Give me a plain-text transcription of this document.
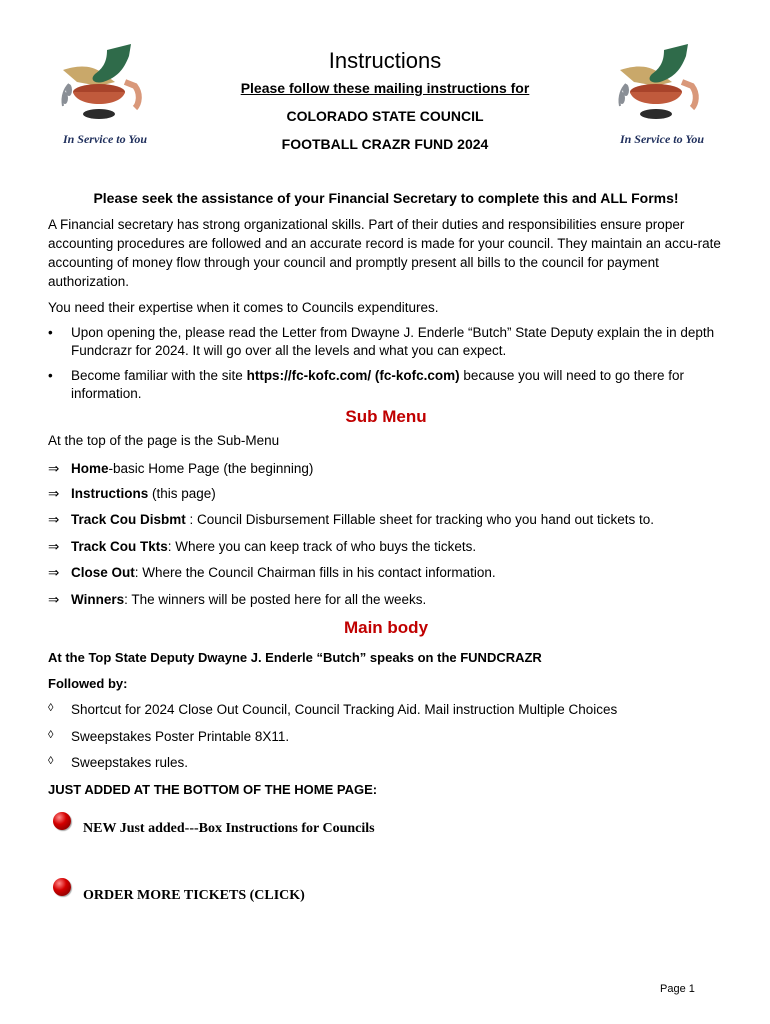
In Service to You	In Service to You
Instructions
Please follow these mailing instructions for
COLORADO STATE COUNCIL
FOOTBALL CRAZR FUND 2024
Please seek the assistance of your Financial Secretary to complete this and ALL Forms!
A Financial secretary has strong organizational skills. Part of their duties and responsibilities ensure proper accounting procedures are followed and an accurate record is made for your council. They maintain an accu-rate accounting of money flow through your council and promptly present all bills to the council for payment authorization.
You need their expertise when it comes to Councils expenditures.
•	Upon opening the, please read the Letter from Dwayne J. Enderle “Butch” State Deputy explain the in depth Fundcrazr for 2024. It will go over all the levels and what you can expect.
•	Become familiar with the site https://fc-kofc.com/ (fc-kofc.com) because you will need to go there for information.
Sub Menu
At the top of the page is the Sub-Menu
⇒ Home-basic Home Page (the beginning)
⇒ Instructions (this page)
⇒ Track Cou Disbmt : Council Disbursement Fillable sheet for tracking who you hand out tickets to.
⇒ Track Cou Tkts: Where you can keep track of who buys the tickets.
⇒ Close Out: Where the Council Chairman fills in his contact information.
⇒ Winners: The winners will be posted here for all the weeks.
Main body
At the Top State Deputy Dwayne J. Enderle “Butch” speaks on the FUNDCRAZR
Followed by:
◊ Shortcut for 2024 Close Out Council, Council Tracking Aid. Mail instruction Multiple Choices
◊ Sweepstakes Poster Printable 8X11.
◊ Sweepstakes rules.
JUST ADDED AT THE BOTTOM OF THE HOME PAGE:
NEW Just added---Box Instructions for Councils
ORDER MORE TICKETS (CLICK)
Page 1
